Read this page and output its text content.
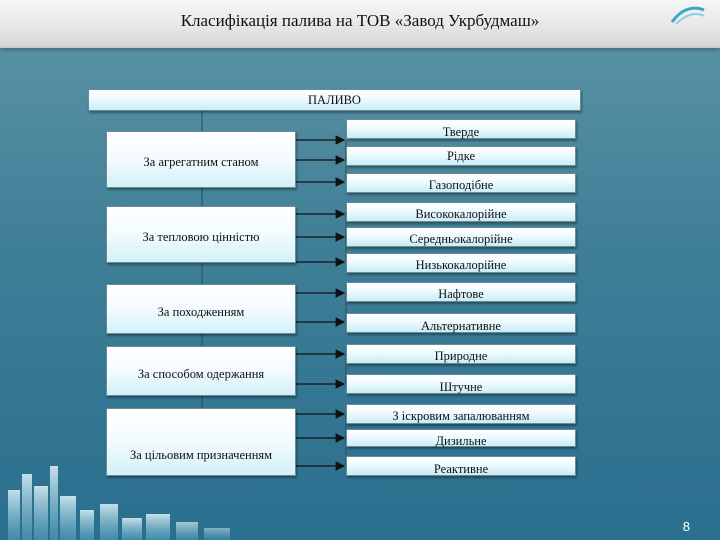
Класифікація палива на ТОВ «Завод Укрбудмаш»
ПАЛИВО
За агрегатним станом
За тепловою цінністю
За походженням
За способом одержання
За цільовим призначенням
Тверде
Рідке
Газоподібне
Висококалорійне
Середньокалорійне
Низькокалорійне
Нафтове
Альтернативне
Природне
Штучне
З іскровим запалюванням
Дизильне
Реактивне
8
